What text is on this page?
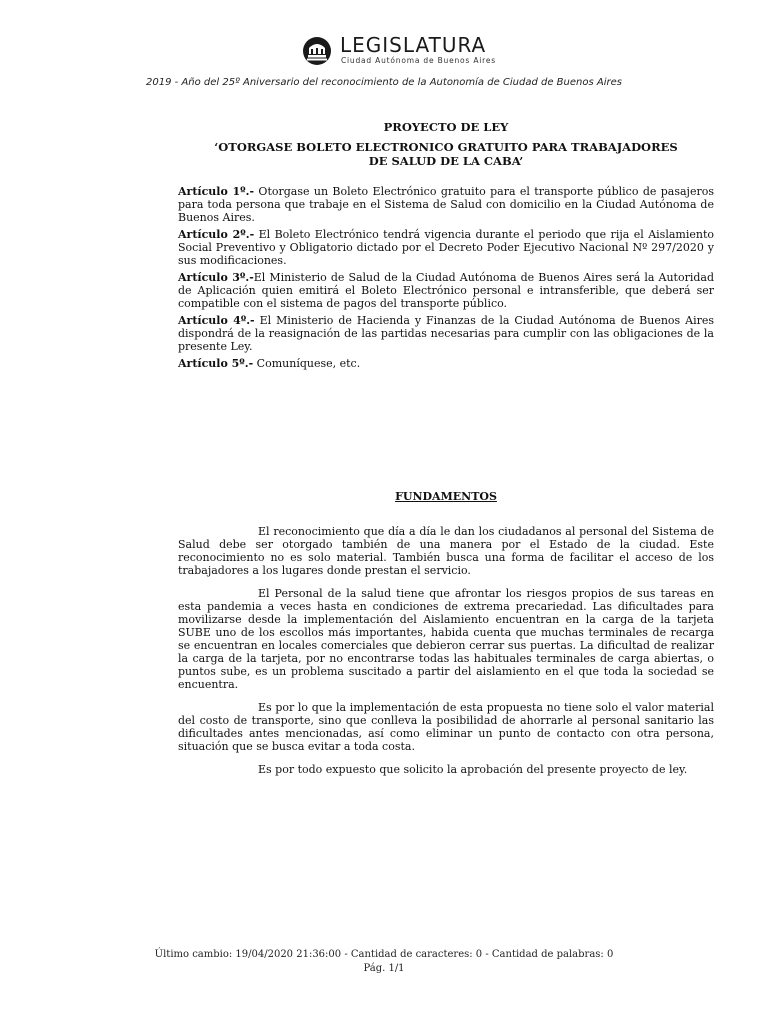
LEGISLATURA
Ciudad Autónoma de Buenos Aires
2019 - Año del 25º Aniversario del reconocimiento de la Autonomía de Ciudad de Buenos Aires

PROYECTO DE LEY

‘OTORGASE BOLETO ELECTRONICO GRATUITO PARA TRABAJADORES

DE SALUD DE LA CABA’

Artículo 1º.- Otorgase un Boleto Electrónico gratuito para el transporte público de pasajeros para toda persona que trabaje en el Sistema de Salud con domicilio en la Ciudad Autónoma de Buenos Aires.

Artículo 2º.- El Boleto Electrónico tendrá vigencia durante el periodo que rija el Aislamiento Social Preventivo y Obligatorio dictado por el Decreto Poder Ejecutivo Nacional Nº 297/2020 y sus modificaciones.

Artículo 3º.-El Ministerio de Salud de la Ciudad Autónoma de Buenos Aires será la Autoridad de Aplicación quien emitirá el Boleto Electrónico personal e intransferible, que deberá ser compatible con el sistema de pagos del transporte público.

Artículo 4º.- El Ministerio de Hacienda y Finanzas de la Ciudad Autónoma de Buenos Aires dispondrá de la reasignación de las partidas necesarias para cumplir con las obligaciones de la presente Ley.

Artículo 5º.- Comuníquese, etc.

FUNDAMENTOS

El reconocimiento que día a día le dan los ciudadanos al personal del Sistema de Salud debe ser otorgado también de una manera por el Estado de la ciudad. Este reconocimiento no es solo material. También busca una forma de facilitar el acceso de los trabajadores a los lugares donde prestan el servicio.

El Personal de la salud tiene que afrontar los riesgos propios de sus tareas en esta pandemia a veces hasta en condiciones de extrema precariedad. Las dificultades para movilizarse desde la implementación del Aislamiento encuentran en la carga de la tarjeta SUBE uno de los escollos más importantes, habida cuenta que muchas terminales de recarga se encuentran en locales comerciales que debieron cerrar sus puertas. La dificultad de realizar la carga de la tarjeta, por no encontrarse todas las habituales terminales de carga abiertas, o puntos sube, es un problema suscitado a partir del aislamiento en el que toda la sociedad se encuentra.

Es por lo que la implementación de esta propuesta no tiene solo el valor material del costo de transporte, sino que conlleva la posibilidad de ahorrarle al personal sanitario las dificultades antes mencionadas, así como eliminar un punto de contacto con otra persona, situación que se busca evitar a toda costa.

Es por todo expuesto que solicito la aprobación del presente proyecto de ley.

Último cambio: 19/04/2020 21:36:00 - Cantidad de caracteres: 0 - Cantidad de palabras: 0
Pág. 1/1
